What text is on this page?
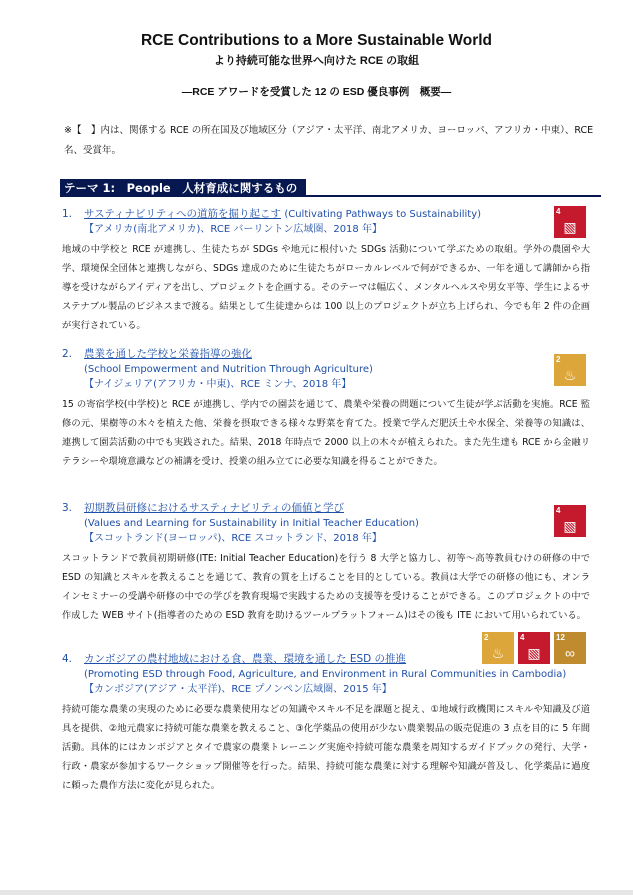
RCE Contributions to a More Sustainable World
より持続可能な世界へ向けた RCE の取組
―RCE アワードを受賞した 12 の ESD 優良事例　概要―
※【　】内は、関係する RCE の所在国及び地域区分（アジア・太平洋、南北アメリカ、ヨーロッパ、アフリカ・中東）、RCE 名、受賞年。
テーマ 1:　People　人材育成に関するもの
1. サスティナビリティへの道筋を掘り起こす (Cultivating Pathways to Sustainability)
【アメリカ(南北アメリカ)、RCE バーリントン広域圏、2018 年】
地域の中学校と RCE が連携し、生徒たちが SDGs や地元に根付いた SDGs 活動について学ぶための取組。学外の農園や大学、環境保全団体と連携しながら、SDGs 達成のために生徒たちがローカルレベルで何ができるか、一年を通して講師から指導を受けながらアイディアを出し、プロジェクトを企画する。そのテーマは幅広く、メンタルヘルスや男女平等、学生によるサステナブル製品のビジネスまで渡る。結果として生徒達からは 100 以上のプロジェクトが立ち上げられ、今でも年 2 件の企画が実行されている。
4
▧
2. 農業を通した学校と栄養指導の強化
(School Empowerment and Nutrition Through Agriculture)
【ナイジェリア(アフリカ・中東)、RCE ミンナ、2018 年】
15 の寄宿学校(中学校)と RCE が連携し、学内での園芸を通じて、農業や栄養の問題について生徒が学ぶ活動を実施。RCE 監修の元、果樹等の木々を植えた他、栄養を摂取できる様々な野菜を育てた。授業で学んだ肥沃土や水保全、栄養等の知識は、連携して園芸活動の中でも実践された。結果、2018 年時点で 2000 以上の木々が植えられた。また先生達も RCE から金融リテラシーや環境意識などの補講を受け、授業の組み立てに必要な知識を得ることができた。
2
♨
3. 初期教員研修におけるサスティナビリティの価値と学び
(Values and Learning for Sustainability in Initial Teacher Education)
【スコットランド(ヨーロッパ)、RCE スコットランド、2018 年】
スコットランドで教員初期研修(ITE: Initial Teacher Education)を行う 8 大学と協力し、初等～高等教員むけの研修の中で ESD の知識とスキルを教えることを通じて、教育の質を上げることを目的としている。教員は大学での研修の他にも、オンラインセミナーの受講や研修の中での学びを教育現場で実践するための支援等を受けることができる。このプロジェクトの中で作成した WEB サイト(指導者のための ESD 教育を助けるツールプラットフォーム)はその後も ITE において用いられている。
4
▧
4. カンボジアの農村地域における食、農業、環境を通した ESD の推進
(Promoting ESD through Food, Agriculture, and Environment in Rural Communities in Cambodia)
【カンボジア(アジア・太平洋)、RCE プノンペン広域圏、2015 年】
持続可能な農業の実現のために必要な農業使用などの知識やスキル不足を課題と捉え、①地域行政機関にスキルや知識及び道具を提供、②地元農家に持続可能な農業を教えること、③化学薬品の使用が少ない農業製品の販売促進の 3 点を目的に 5 年間活動。具体的にはカンボジアとタイで農家の農業トレーニング実施や持続可能な農業を周知するガイドブックの発行、大学・行政・農家が参加するワークショップ開催等を行った。結果、持続可能な農業に対する理解や知識が普及し、化学薬品に過度に頼った農作方法に変化が見られた。
2
♨
4
▧
12
∞
